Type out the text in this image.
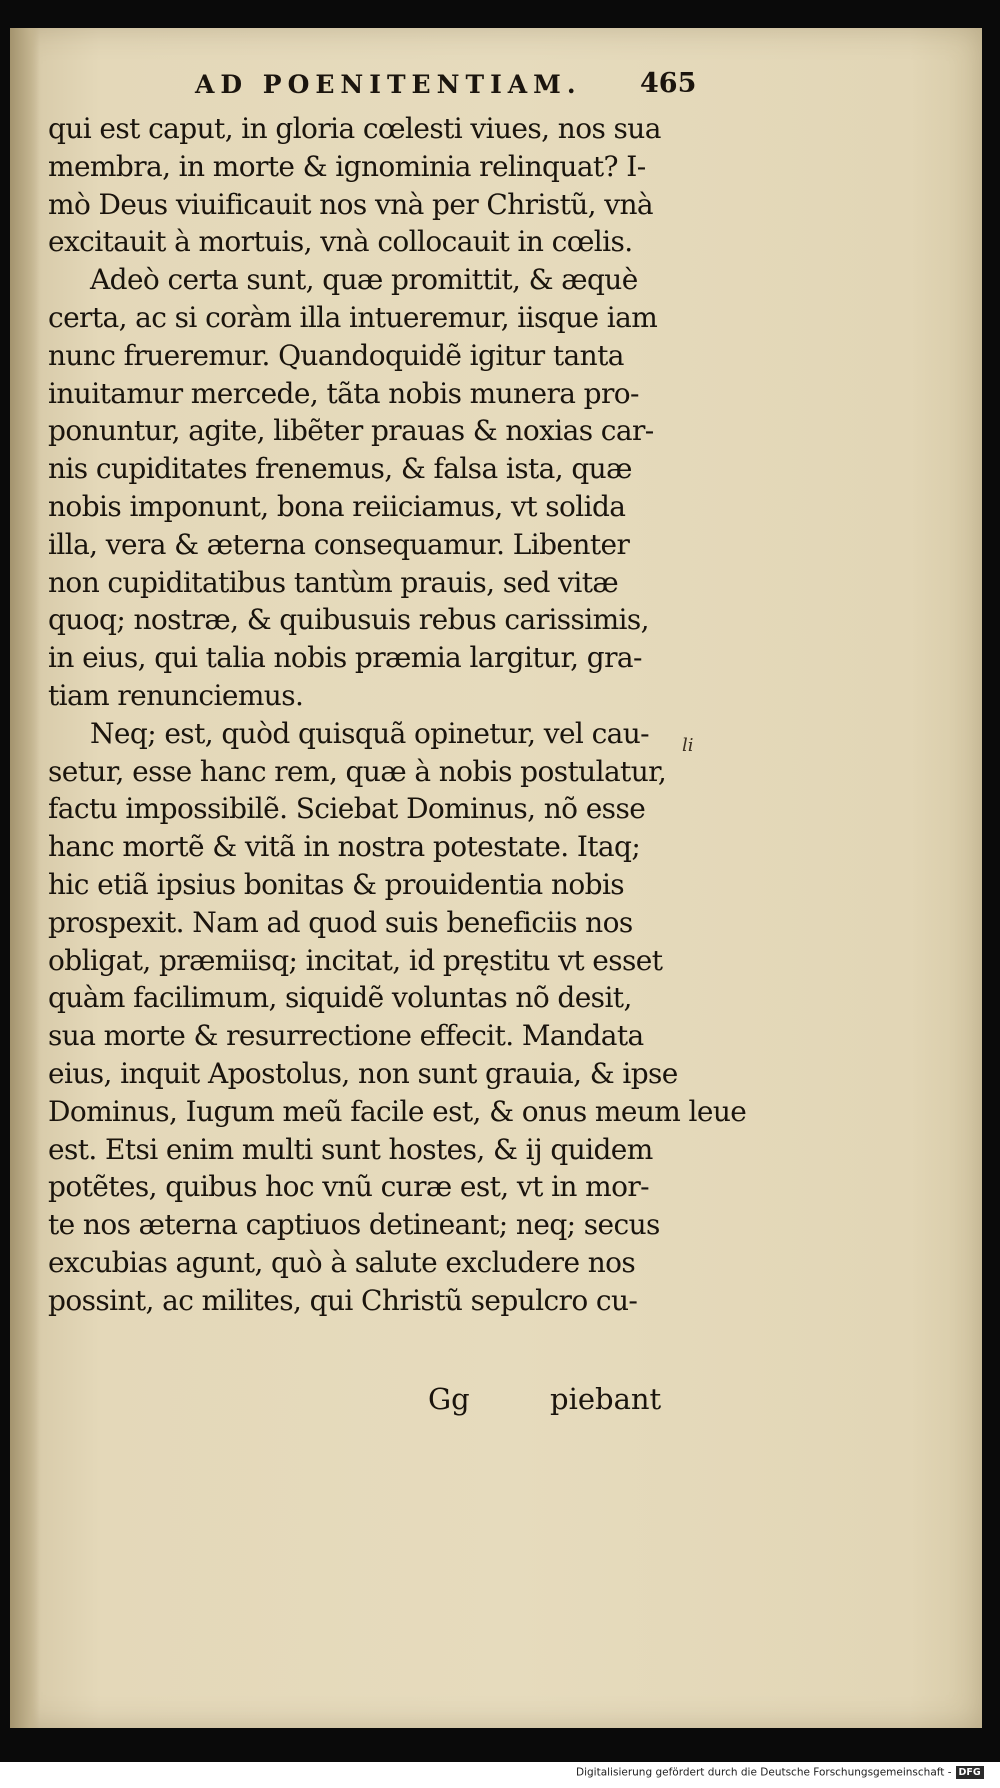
AD POENITENTIAM. 465
qui est caput, in gloria cœlesti viues, nos sua
membra, in morte & ignominia relinquat? I-
mò Deus viuificauit nos vnà per Christũ, vnà
excitauit à mortuis, vnà collocauit in cœlis.
Adeò certa sunt, quæ promittit, & æquè
certa, ac si coràm illa intueremur, iisque iam
nunc frueremur. Quandoquidẽ igitur tanta
inuitamur mercede, tãta nobis munera pro-
ponuntur, agite, libẽter prauas & noxias car-
nis cupiditates frenemus, & falsa ista, quæ
nobis imponunt, bona reiiciamus, vt solida
illa, vera & æterna consequamur. Libenter
non cupiditatibus tantùm prauis, sed vitæ
quoq; nostræ, & quibusuis rebus carissimis,
in eius, qui talia nobis præmia largitur, gra-
tiam renunciemus.
Neq; est, quòd quisquã opinetur, vel cau-
setur, esse hanc rem, quæ à nobis postulatur,
factu impossibilẽ. Sciebat Dominus, nõ esse
hanc mortẽ & vitã in nostra potestate. Itaq;
hic etiã ipsius bonitas & prouidentia nobis
prospexit. Nam ad quod suis beneficiis nos
obligat, præmiisq; incitat, id pręstitu vt esset
quàm facilimum, siquidẽ voluntas nõ desit,
sua morte & resurrectione effecit. Mandata
eius, inquit Apostolus, non sunt grauia, & ipse
Dominus, Iugum meũ facile est, & onus meum leue
est. Etsi enim multi sunt hostes, & ij quidem
potẽtes, quibus hoc vnũ curæ est, vt in mor-
te nos æterna captiuos detineant; neq; secus
excubias agunt, quò à salute excludere nos
possint, ac milites, qui Christũ sepulcro cu-
li
Gg	piebant
Digitalisierung gefördert durch die Deutsche Forschungsgemeinschaft - DFG
